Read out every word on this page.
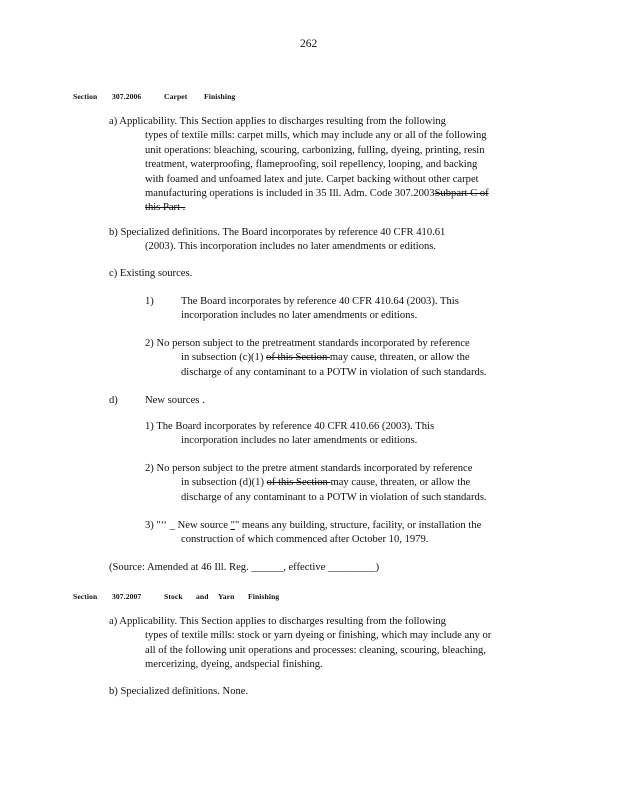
262
Section 307.2006	Carpet Finishing
a) Applicability. This Section applies to discharges resulting from the following
types of textile mills: carpet mills, which may include any or all of the following
unit operations: bleaching, scouring, carbonizing, fulling, dyeing, printing, resin
treatment, waterproofing, flameproofing, soil repellency, looping, and backing
with foamed and unfoamed latex and jute. Carpet backing without other carpet
manufacturing operations is included in 35 Ill. Adm. Code 307.2003Subpart C of
this Part .
b) Specialized definitions. The Board incorporates by reference 40 CFR 410.61
(2003). This incorporation includes no later amendments or editions.
c) Existing sources.
1)	The Board incorporates by reference 40 CFR 410.64 (2003). This
incorporation includes no later amendments or editions.
2) No person subject to the pretreatment standards incorporated by reference
in subsection (c)(1) of this Section may cause, threaten, or allow the
discharge of any contaminant to a POTW in violation of such standards.
d)	New sources .
1) The Board incorporates by reference 40 CFR 410.66 (2003). This
incorporation includes no later amendments or editions.
2) No person subject to the pretre atment standards incorporated by reference
in subsection (d)(1) of this Section may cause, threaten, or allow the
discharge of any contaminant to a POTW in violation of such standards.
3) "‘‘ _ New source "" means any building, structure, facility, or installation the
construction of which commenced after October 10, 1979.
(Source: Amended at 46 Ill. Reg. ______, effective _________)
Section 307.2007	Stock and Yarn Finishing
a) Applicability. This Section applies to discharges resulting from the following
types of textile mills: stock or yarn dyeing or finishing, which may include any or
all of the following unit operations and processes: cleaning, scouring, bleaching,
mercerizing, dyeing, andspecial finishing.
b) Specialized definitions. None.
